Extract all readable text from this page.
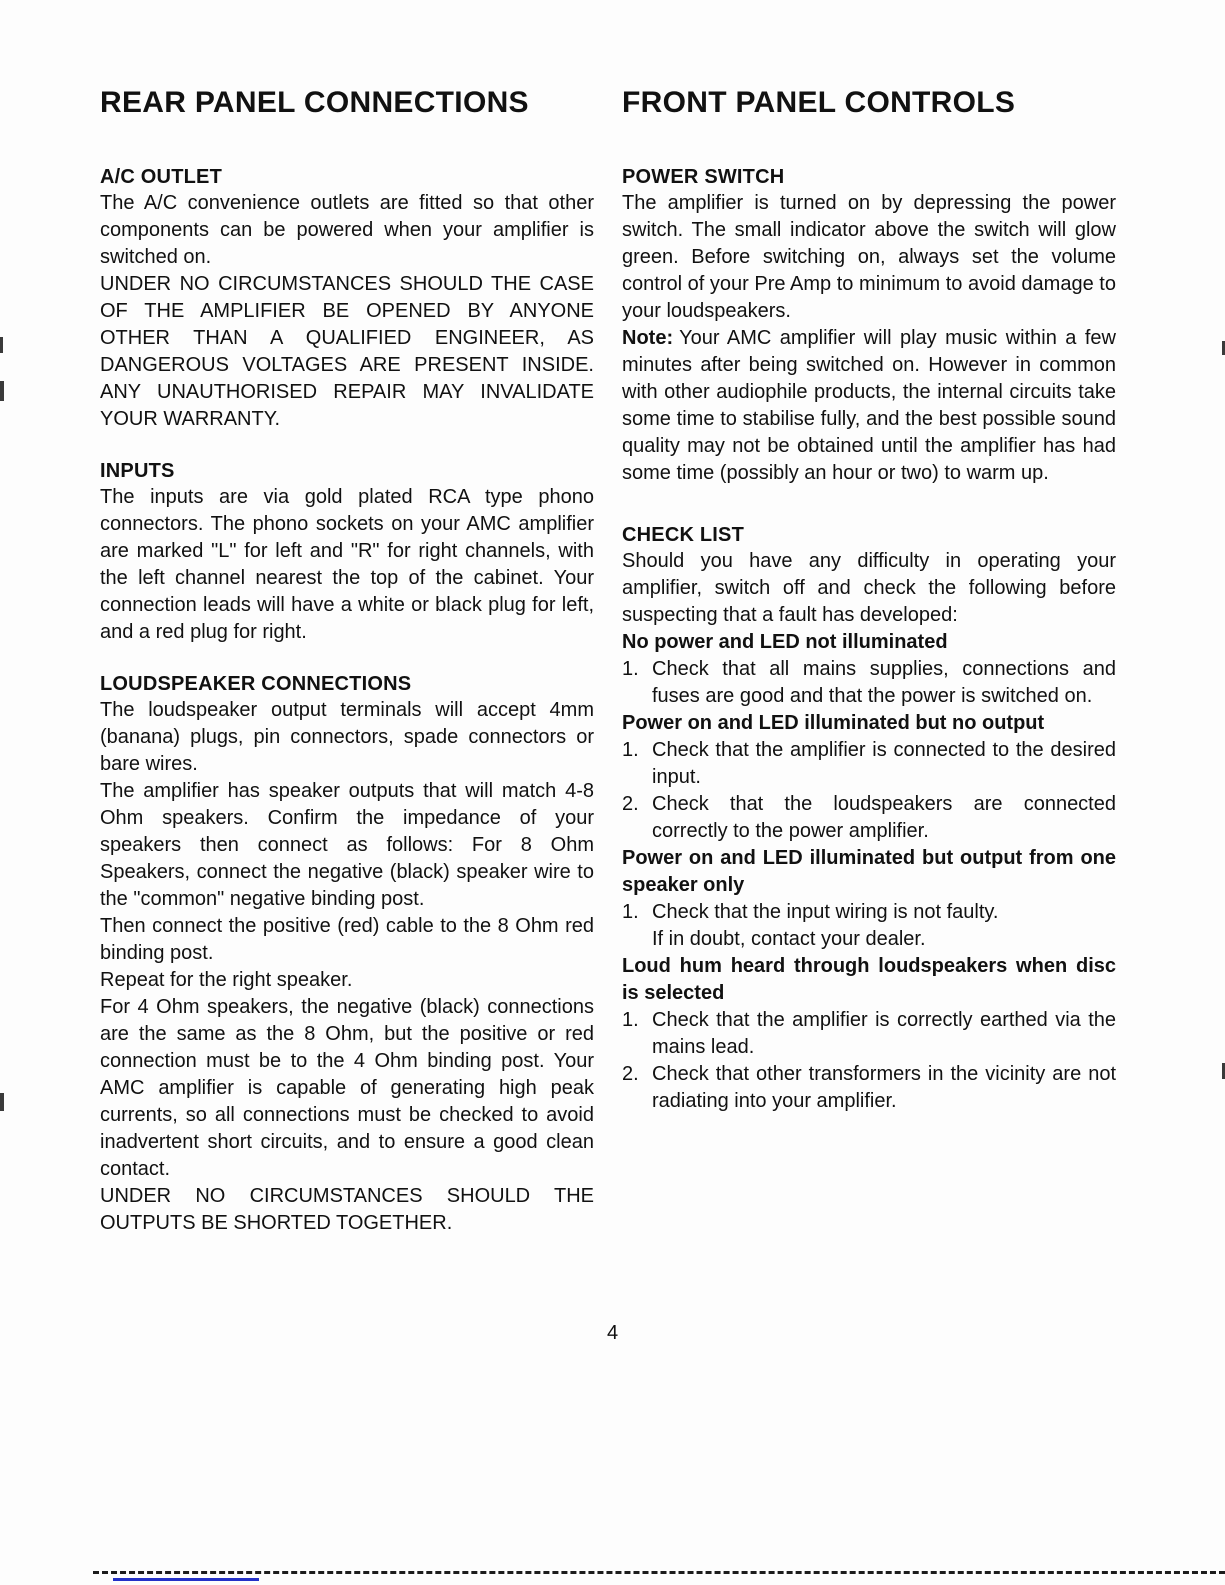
REAR PANEL CONNECTIONS
A/C OUTLET

The A/C convenience outlets are fitted so that other components can be powered when your amplifier is switched on.

UNDER NO CIRCUMSTANCES SHOULD THE CASE OF THE AMPLIFIER BE OPENED BY ANYONE OTHER THAN A QUALIFIED ENGINEER, AS DANGEROUS VOLTAGES ARE PRESENT INSIDE. ANY UNAUTHORISED REPAIR MAY INVALIDATE YOUR WARRANTY.

INPUTS

The inputs are via gold plated RCA type phono connectors. The phono sockets on your AMC amplifier are marked "L" for left and "R" for right channels, with the left channel nearest the top of the cabinet. Your connection leads will have a white or black plug for left, and a red plug for right.

LOUDSPEAKER CONNECTIONS

The loudspeaker output terminals will accept 4mm (banana) plugs, pin connectors, spade connectors or bare wires.

The amplifier has speaker outputs that will match 4-8 Ohm speakers. Confirm the impedance of your speakers then connect as follows: For 8 Ohm Speakers, connect the negative (black) speaker wire to the "common" negative binding post.

Then connect the positive (red) cable to the 8 Ohm red binding post.

Repeat for the right speaker.

For 4 Ohm speakers, the negative (black) connections are the same as the 8 Ohm, but the positive or red connection must be to the 4 Ohm binding post. Your AMC amplifier is capable of generating high peak currents, so all connections must be checked to avoid inadvertent short circuits, and to ensure a good clean contact.

UNDER NO CIRCUMSTANCES SHOULD THE OUTPUTS BE SHORTED TOGETHER.

FRONT PANEL CONTROLS
POWER SWITCH

The amplifier is turned on by depressing the power switch. The small indicator above the switch will glow green. Before switching on, always set the volume control of your Pre Amp to minimum to avoid damage to your loudspeakers.

Note: Your AMC amplifier will play music within a few minutes after being switched on. However in common with other audiophile products, the internal circuits take some time to stabilise fully, and the best possible sound quality may not be obtained until the amplifier has had some time (possibly an hour or two) to warm up.

CHECK LIST

Should you have any difficulty in operating your amplifier, switch off and check the following before suspecting that a fault has developed:

No power and LED not illuminated

1. Check that all mains supplies, connections and fuses are good and that the power is switched on.

Power on and LED illuminated but no output

1. Check that the amplifier is connected to the desired input.
2. Check that the loudspeakers are connected correctly to the power amplifier.

Power on and LED illuminated but output from one speaker only

1. Check that the input wiring is not faulty.
If in doubt, contact your dealer.

Loud hum heard through loudspeakers when disc is selected

1. Check that the amplifier is correctly earthed via the mains lead.
2. Check that other transformers in the vicinity are not radiating into your amplifier.
4
